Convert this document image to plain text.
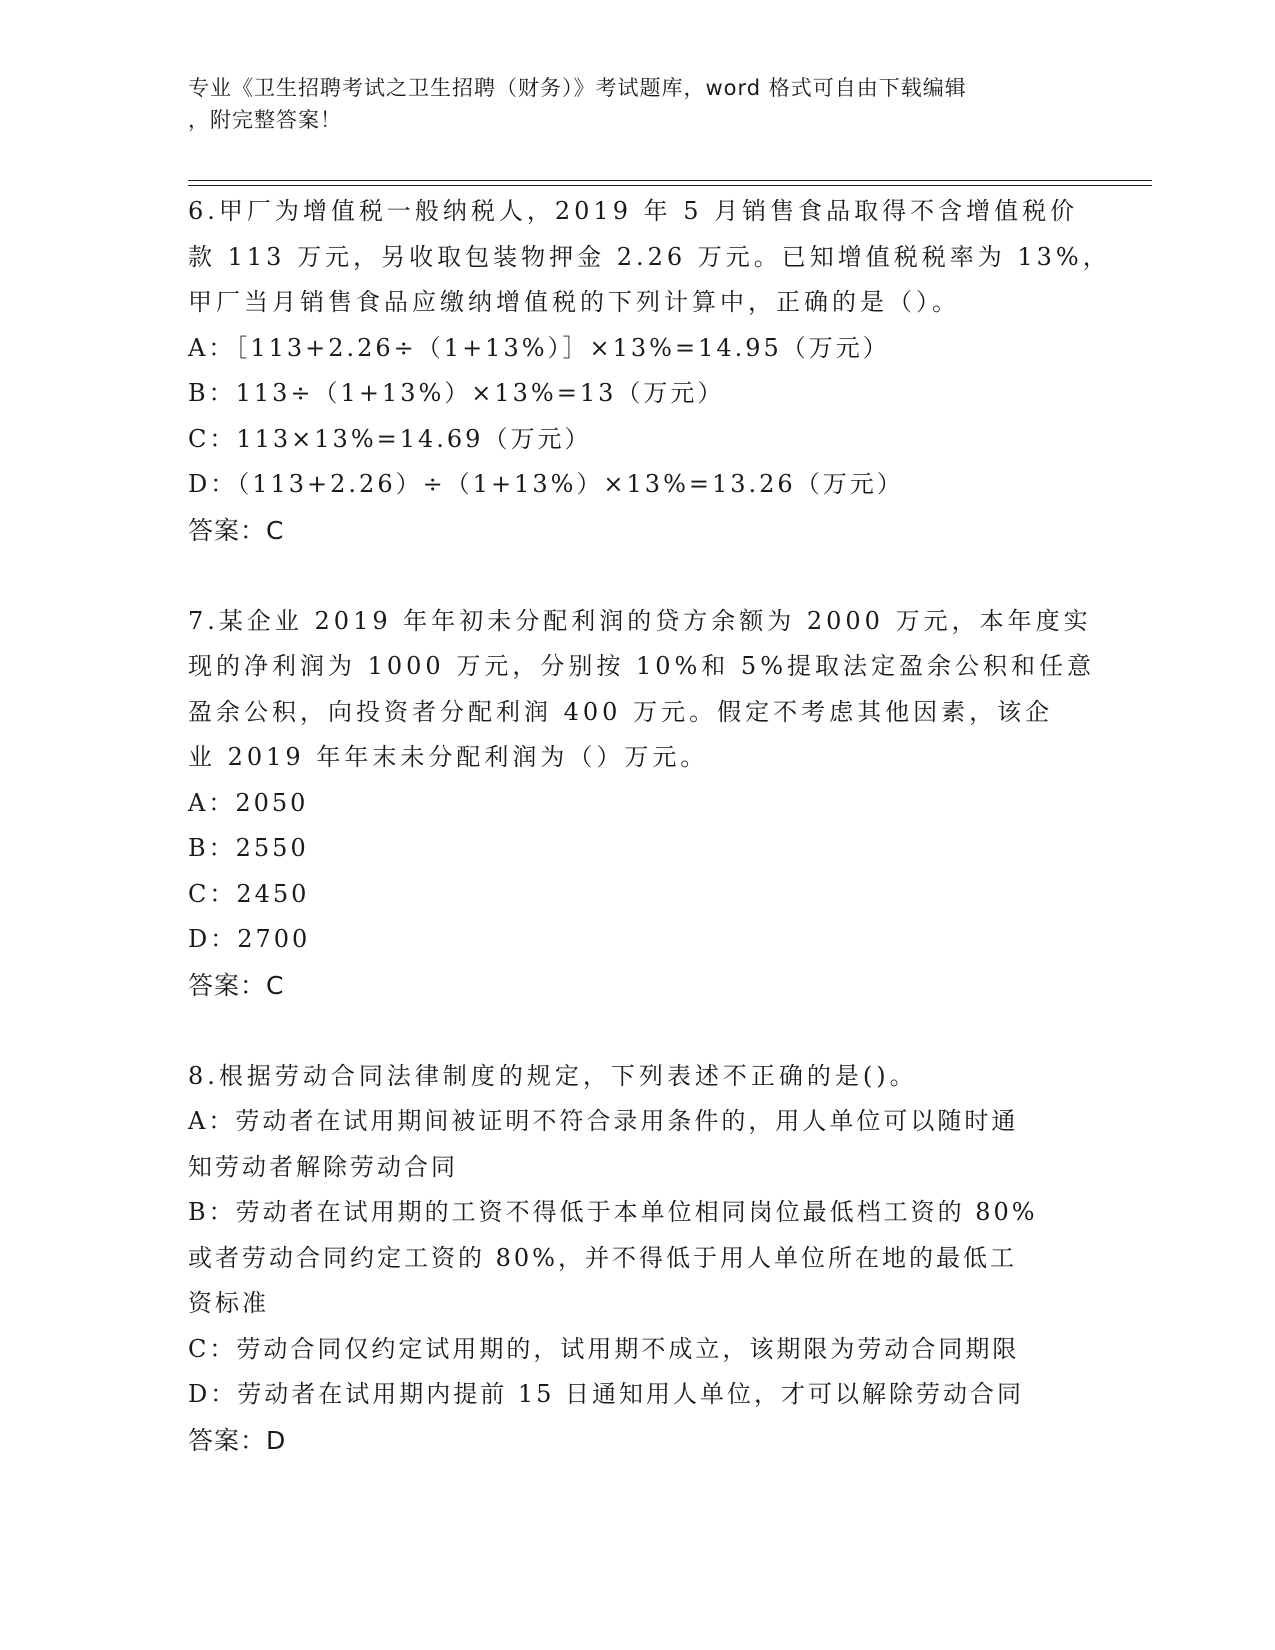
专业《卫生招聘考试之卫生招聘（财务）》考试题库，word 格式可自由下载编辑
，附完整答案！

6.甲厂为增值税一般纳税人，2019 年 5 月销售食品取得不含增值税价
款 113 万元，另收取包装物押金 2.26 万元。已知增值税税率为 13%，
甲厂当月销售食品应缴纳增值税的下列计算中，正确的是（）。

A：［113+2.26÷（1+13%）］×13%=14.95（万元）

B：113÷（1+13%）×13%=13（万元）

C：113×13%=14.69（万元）

D：（113+2.26）÷（1+13%）×13%=13.26（万元）

答案：C

7.某企业 2019 年年初未分配利润的贷方余额为 2000 万元，本年度实
现的净利润为 1000 万元，分别按 10%和 5%提取法定盈余公积和任意
盈余公积，向投资者分配利润 400 万元。假定不考虑其他因素，该企
业 2019 年年末未分配利润为（）万元。

A：2050

B：2550

C：2450

D：2700

答案：C

8.根据劳动合同法律制度的规定，下列表述不正确的是()。

A：劳动者在试用期间被证明不符合录用条件的，用人单位可以随时通
知劳动者解除劳动合同

B：劳动者在试用期的工资不得低于本单位相同岗位最低档工资的 80%
或者劳动合同约定工资的 80%，并不得低于用人单位所在地的最低工
资标准

C：劳动合同仅约定试用期的，试用期不成立，该期限为劳动合同期限

D：劳动者在试用期内提前 15 日通知用人单位，才可以解除劳动合同

答案：D
